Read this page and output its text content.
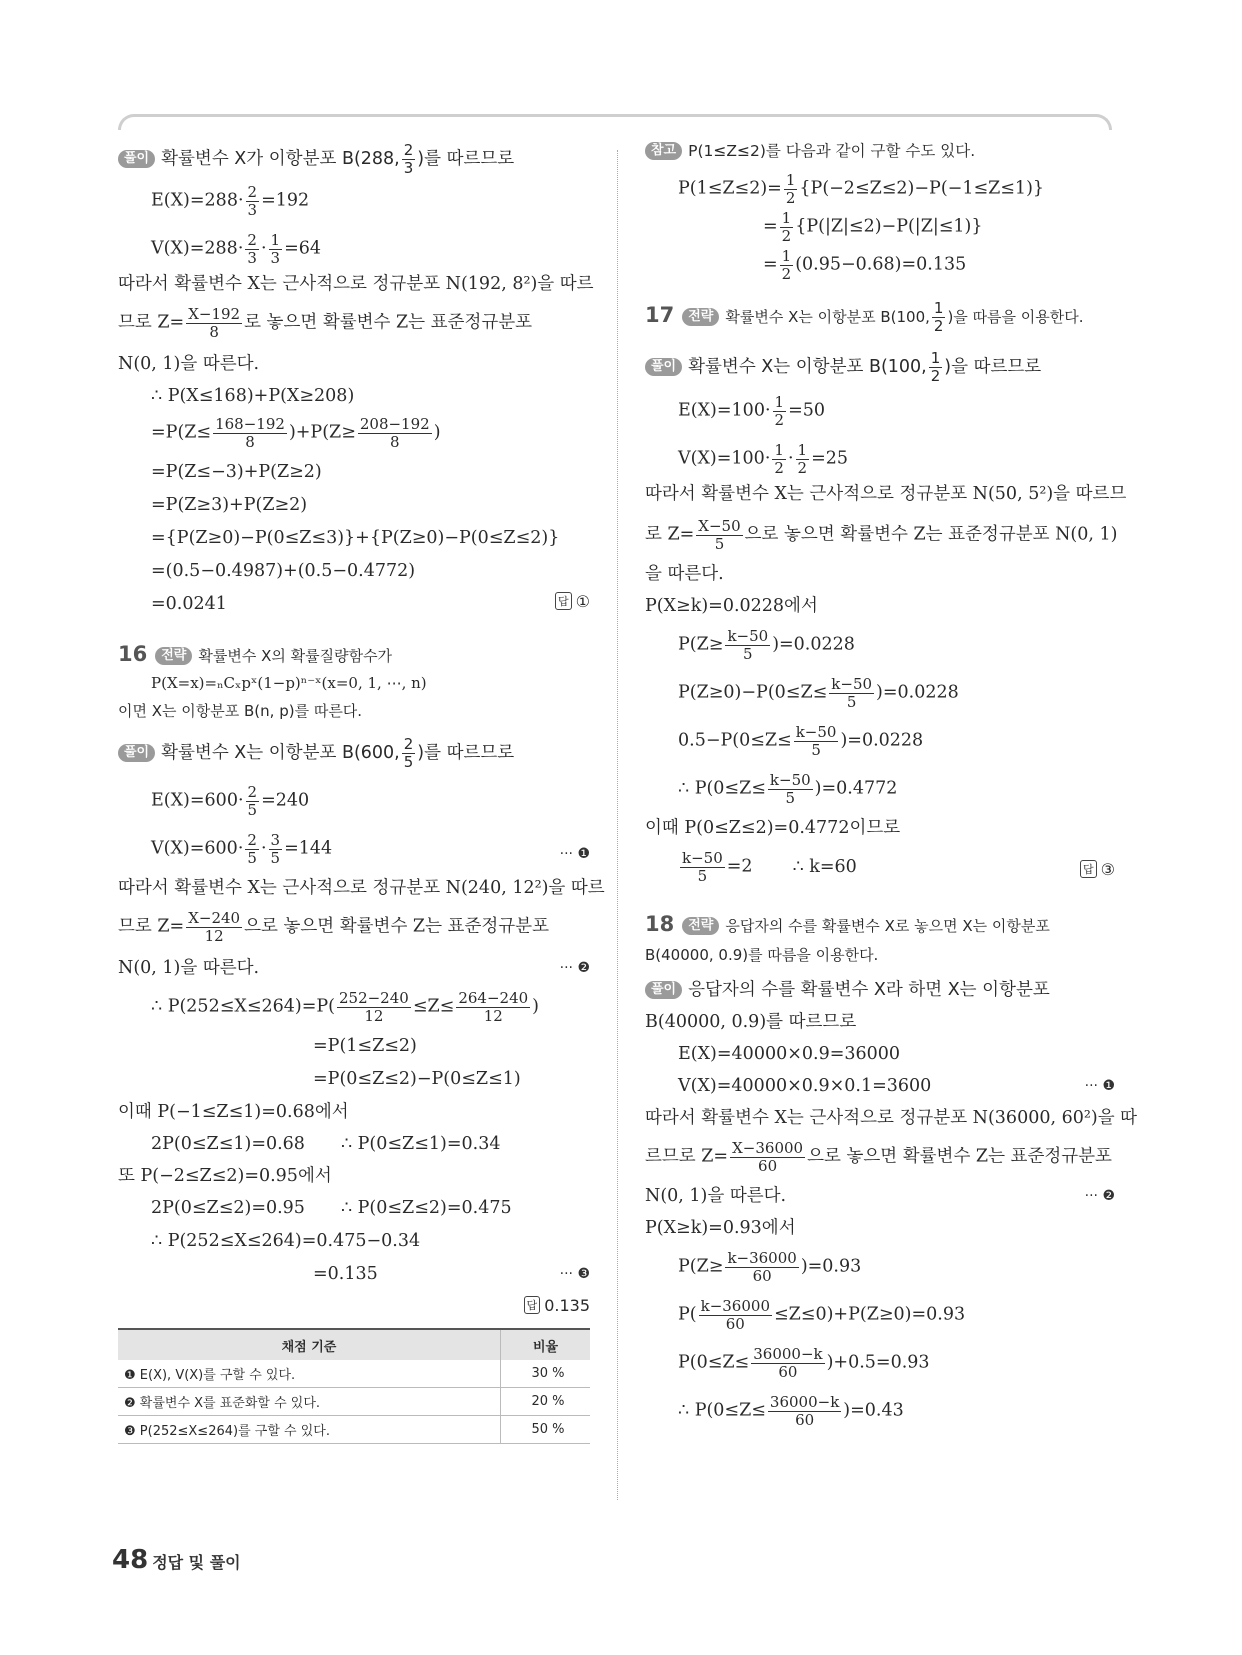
풀이 확률변수 X가 이항분포 B(288, $\frac{2}{3}$ )를 따르므로
$E(X)=288\cdot \frac{2}{3} =192$
$V(X)=288\cdot \frac{2}{3} \cdot \frac{1}{3} =64$
따라서 확률변수 X는 근사적으로 정규분포 N(192, 8²)을 따르
므로 $Z= \frac{X-192}{8}$ 로 놓으면 확률변수 Z는 표준정규분포
N(0, 1)을 따른다.
∴ P(X≤168)+P(X≥208)
$=P(Z\le \frac{168-192}{8} )+P(Z\ge \frac{208-192}{8}$ )
=P(Z≤−3)+P(Z≥2)
=P(Z≥3)+P(Z≥2)
={P(Z≥0)−P(0≤Z≤3)}+{P(Z≥0)−P(0≤Z≤2)}
=(0.5−0.4987)+(0.5−0.4772)
=0.0241	답 ①
16 전략 확률변수 X의 확률질량함수가
P(X=x)=ₙCₓpˣ(1−p)ⁿ⁻ˣ(x=0, 1, ⋯, n)
이면 X는 이항분포 B(n, p)를 따른다.
풀이 확률변수 X는 이항분포 B(600, $\frac{2}{5}$ )를 따르므로
$E(X)=600\cdot \frac{2}{5} =240$
$V(X)=600\cdot \frac{2}{5} \cdot \frac{3}{5} =144$	··· ❶
따라서 확률변수 X는 근사적으로 정규분포 N(240, 12²)을 따르
므로 $Z= \frac{X-240}{12}$ 으로 놓으면 확률변수 Z는 표준정규분포
N(0, 1)을 따른다.	··· ❷
∴ $P(252\le X\le 264)=P( \frac{252-240}{12} \le Z\le \frac{264-240}{12}$ )
=P(1≤Z≤2)
=P(0≤Z≤2)−P(0≤Z≤1)
이때 P(−1≤Z≤1)=0.68에서
2P(0≤Z≤1)=0.68 ∴ P(0≤Z≤1)=0.34
또 P(−2≤Z≤2)=0.95에서
2P(0≤Z≤2)=0.95 ∴ P(0≤Z≤2)=0.475
∴ P(252≤X≤264)=0.475−0.34
=0.135	··· ❸
답 0.135
채점 기준	비율
❶ E(X), V(X)를 구할 수 있다.	30 %
❷ 확률변수 X를 표준화할 수 있다.	20 %
❸ P(252≤X≤264)를 구할 수 있다.	50 %
참고 P(1≤Z≤2)를 다음과 같이 구할 수도 있다.
$P(1\le Z\le 2)= \frac{1}{2} \{P(-2\le Z\le 2)-P(-1\le Z\le 1)\}$
= $\frac{1}{2} \{P(|Z|\le 2)-P(|Z|\le 1)\}$
= $\frac{1}{2} (0.95-0.68)=0.135$
17 전략 확률변수 X는 이항분포 B(100, $\frac{1}{2}$ )을 따름을 이용한다.
풀이 확률변수 X는 이항분포 B(100, $\frac{1}{2}$ )을 따르므로
$E(X)=100\cdot \frac{1}{2} =50$
$V(X)=100\cdot \frac{1}{2} \cdot \frac{1}{2} =25$
따라서 확률변수 X는 근사적으로 정규분포 N(50, 5²)을 따르므
로 $Z= \frac{X-50}{5}$ 으로 놓으면 확률변수 Z는 표준정규분포 N(0, 1)
을 따른다.
P(X≥k)=0.0228에서
$P(Z\ge \frac{k-50}{5} )=0.0228$
$P(Z\ge 0)-P(0\le Z\le \frac{k-50}{5} )=0.0228$
$0.5-P(0\le Z\le \frac{k-50}{5} )=0.0228$
∴ $P(0\le Z\le \frac{k-50}{5} )=0.4772$
이때 P(0≤Z≤2)=0.4772이므로
$\frac{k-50}{5} =2$ ∴ k=60	답 ③
18 전략 응답자의 수를 확률변수 X로 놓으면 X는 이항분포
B(40000, 0.9)를 따름을 이용한다.
풀이 응답자의 수를 확률변수 X라 하면 X는 이항분포
B(40000, 0.9)를 따르므로
E(X)=40000×0.9=36000
V(X)=40000×0.9×0.1=3600	··· ❶
따라서 확률변수 X는 근사적으로 정규분포 N(36000, 60²)을 따
르므로 $Z= \frac{X-36000}{60}$ 으로 놓으면 확률변수 Z는 표준정규분포
N(0, 1)을 따른다.	··· ❷
P(X≥k)=0.93에서
$P(Z\ge \frac{k-36000}{60} )=0.93$
$P( \frac{k-36000}{60} \le Z\le 0)+P(Z\ge 0)=0.93$
$P(0\le Z\le \frac{36000-k}{60} )+0.5=0.93$
∴ $P(0\le Z\le \frac{36000-k}{60} )=0.43$
48 정답 및 풀이
